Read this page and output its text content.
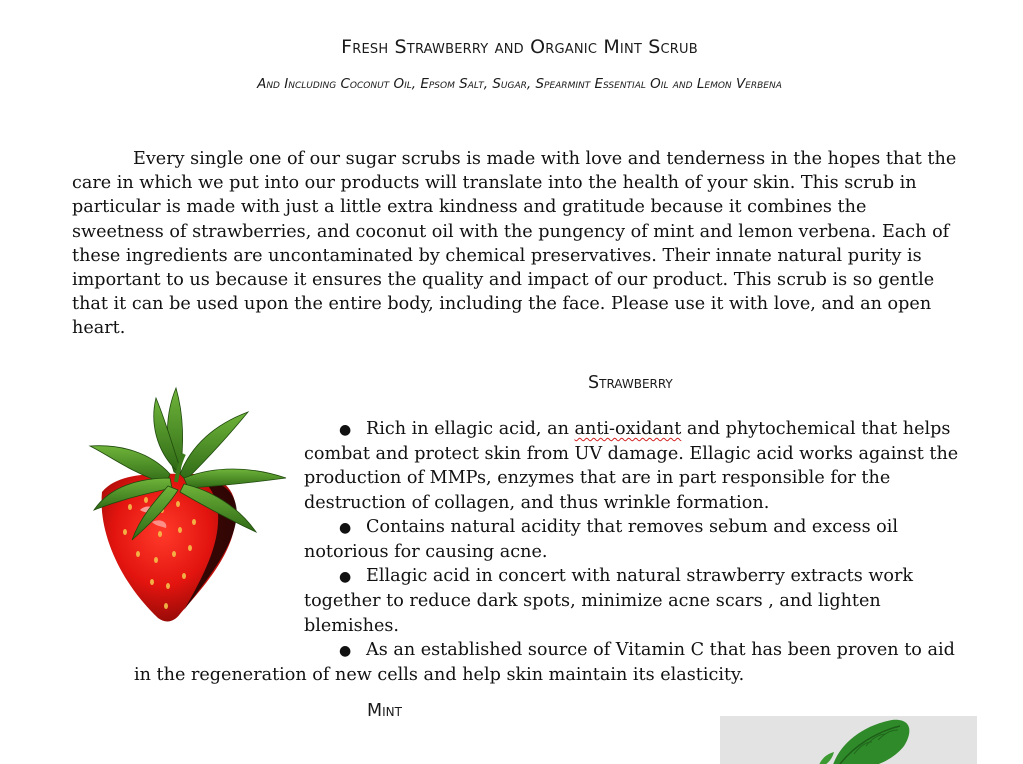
Fresh Strawberry and Organic Mint Scrub
And Including Coconut Oil, Epsom Salt, Sugar, Spearmint Essential Oil and Lemon Verbena

Every single one of our sugar scrubs is made with love and tenderness in the hopes that the care in which we put into our products will translate into the health of your skin. This scrub in particular is made with just a little extra kindness and gratitude because it combines the sweetness of strawberries, and coconut oil with the pungency of mint and lemon verbena. Each of these ingredients are uncontaminated by chemical preservatives. Their innate natural purity is important to us because it ensures the quality and impact of our product. This scrub is so gentle that it can be used upon the entire body, including the face. Please use it with love, and an open heart.

Strawberry
● Rich in ellagic acid, an anti-oxidant and phytochemical that helps combat and protect skin from UV damage. Ellagic acid works against the production of MMPs, enzymes that are in part responsible for the destruction of collagen, and thus wrinkle formation.
● Contains natural acidity that removes sebum and excess oil notorious for causing acne.
● Ellagic acid in concert with natural strawberry extracts work together to reduce dark spots, minimize acne scars , and lighten blemishes.
● As an established source of Vitamin C that has been proven to aid in the regeneration of new cells and help skin maintain its elasticity.
Mint
